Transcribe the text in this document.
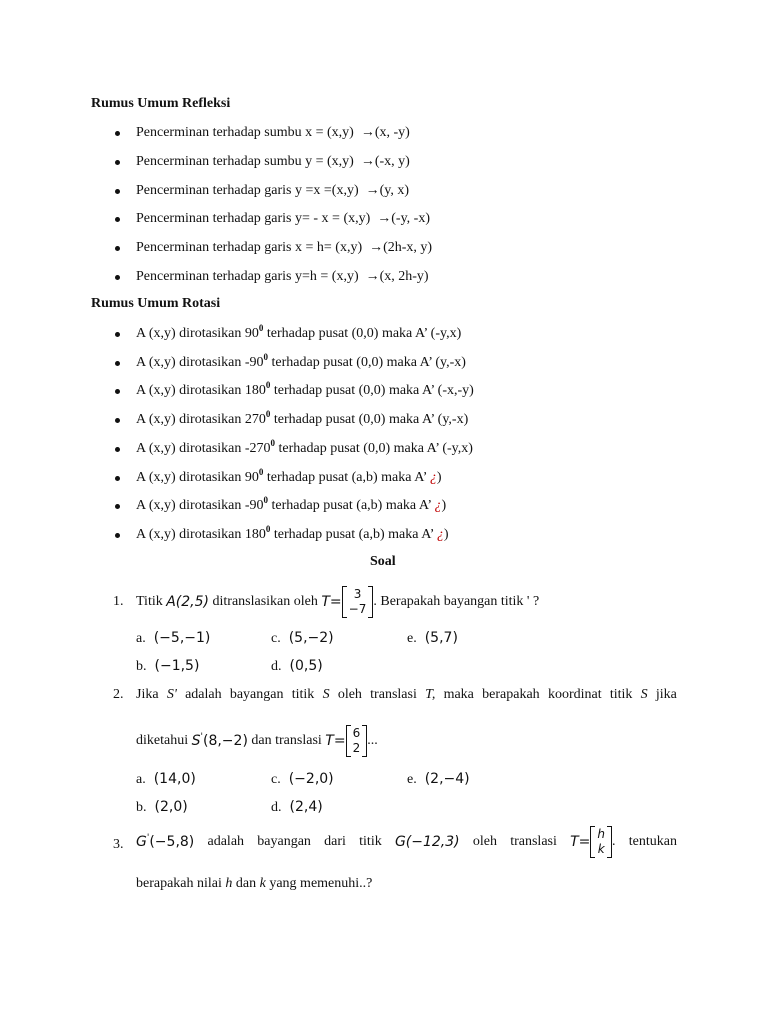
Rumus Umum Refleksi
Pencerminan terhadap sumbu x = (x,y)  →(x, -y)
Pencerminan terhadap sumbu y = (x,y)  →(-x, y)
Pencerminan terhadap garis y =x =(x,y)  →(y, x)
Pencerminan terhadap garis y= - x = (x,y)  →(-y, -x)
Pencerminan terhadap garis x = h= (x,y)  →(2h-x, y)
Pencerminan terhadap garis y=h = (x,y)  →(x, 2h-y)
Rumus Umum Rotasi
A (x,y) dirotasikan $90^0$ terhadap pusat (0,0) maka A’ (-y,x)
A (x,y) dirotasikan $-90^0$ terhadap pusat (0,0) maka A’ (y,-x)
A (x,y) dirotasikan $180^0$ terhadap pusat (0,0) maka A’ (-x,-y)
A (x,y) dirotasikan $270^0$ terhadap pusat (0,0) maka A’ (y,-x)
A (x,y) dirotasikan $-270^0$ terhadap pusat (0,0) maka A’ (-y,x)
A (x,y) dirotasikan $90^0$ terhadap pusat (a,b) maka A’ ¿)
A (x,y) dirotasikan $-90^0$ terhadap pusat (a,b) maka A’ ¿)
A (x,y) dirotasikan $180^0$ terhadap pusat (a,b) maka A’ ¿)
Soal
1. Titik A(2,5) ditranslasikan oleh T=	3
−7 . Berapakah bayangan titik ' ?
a. (−5,−1)	c. (5,−2)	e. (5,7)
b. (−1,5)	d. (0,5)
2. Jika S' adalah bayangan titik S oleh translasi T, maka berapakah koordinat titik S jika
diketahui S' (8,−2) dan translasi T= 6
2 ...
a. (14,0)	c. (−2,0)	e. (2,−4)
b. (2,0)	d. (2,4)
3. G'(−5,8) adalah bayangan dari titik G(−12,3) oleh translasi T= h
k . tentukan
berapakah nilai h dan k yang memenuhi..?
